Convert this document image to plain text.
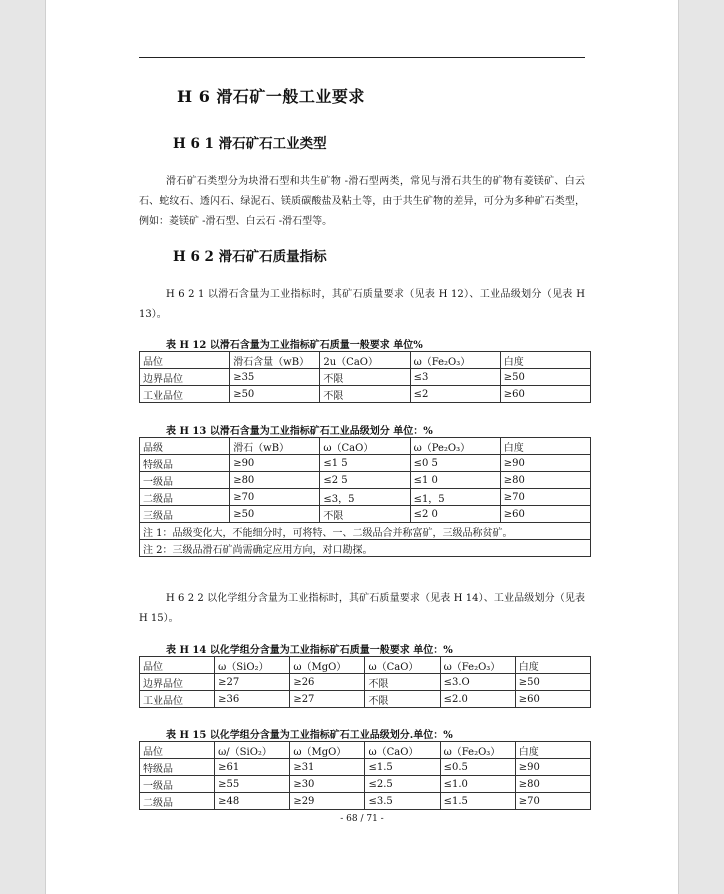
H 6 滑石矿一般工业要求
H 6 1 滑石矿石工业类型
滑石矿石类型分为块滑石型和共生矿物 -滑石型两类，常见与滑石共生的矿物有菱镁矿、白云石、蛇纹石、透闪石、绿泥石、镁质碳酸盐及粘土等，由于共生矿物的差异，可分为多种矿石类型，例如：菱镁矿 -滑石型、白云石 -滑石型等。
H 6 2 滑石矿石质量指标
H 6 2 1 以滑石含量为工业指标时，其矿石质量要求（见表 H 12）、工业品级划分（见表 H 13）。
表 H 12 以滑石含量为工业指标矿石质量一般要求 单位%
品位	滑石含量（wB）	2u（CaO）	ω（Fe₂O₃）	白度
边界品位	≥35	不限	≤3	≥50
工业品位	≥50	不限	≤2	≥60
表 H 13 以滑石含量为工业指标矿石工业品级划分 单位：%
品级	滑石（wB）	ω（CaO）	ω（Pe₂O₃）	白度
特级品	≥90	≤1 5	≤0 5	≥90
一级品	≥80	≤2 5	≤1 0	≥80
二级品	≥70	≤3，5	≤1，5	≥70
三级品	≥50	不限	≤2 0	≥60
注 1：品级变化大，不能细分时，可将特、一、二级品合并称富矿，三级品称贫矿。				
注 2：三级品滑石矿尚需确定应用方向，对口勘探。				
H 6 2 2 以化学组分含量为工业指标时，其矿石质量要求（见表 H 14）、工业品级划分（见表 H 15）。
表 H 14 以化学组分含量为工业指标矿石质量一般要求 单位：%
品位	ω（SiO₂）	ω（MgO）	ω（CaO）	ω（Fe₂O₃）	白度
边界品位	≥27	≥26	不限	≤3.O	≥50
工业品位	≥36	≥27	不限	≤2.0	≥60
表 H 15 以化学组分含量为工业指标矿石工业品级划分.单位：%
品位	ω/（SiO₂）	ω（MgO）	ω（CaO）	ω（Fe₂O₃）	白度
特级品	≥61	≥31	≤1.5	≤0.5	≥90
一级品	≥55	≥30	≤2.5	≤1.0	≥80
二级品	≥48	≥29	≤3.5	≤1.5	≥70
- 68 / 71 -
